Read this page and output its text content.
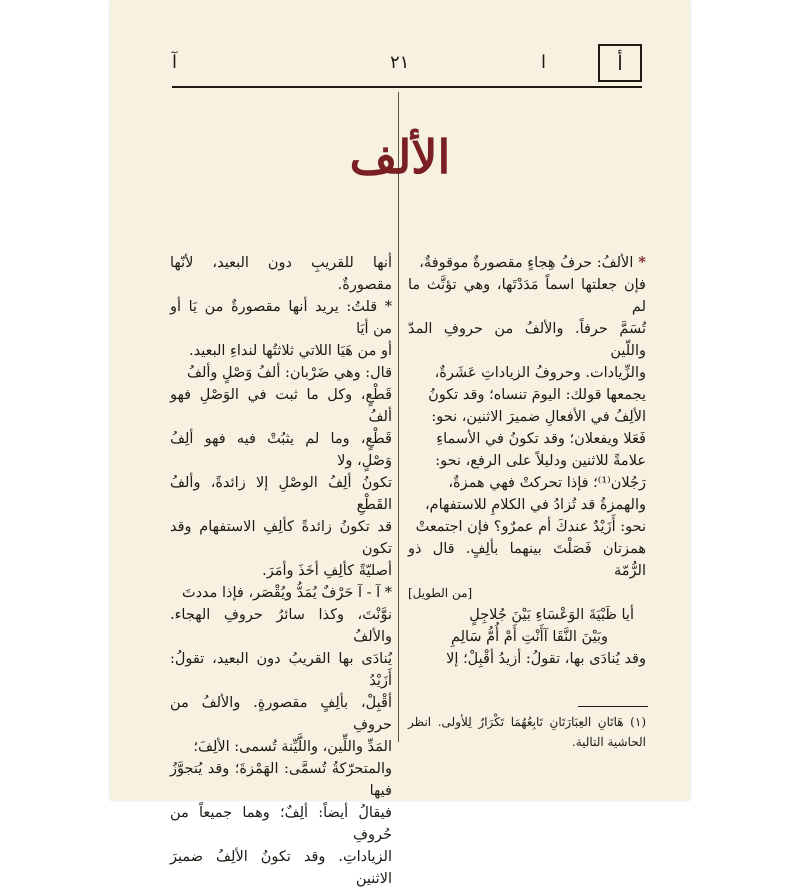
أ
ا
٢١
آ
الألف

* الألفُ: حرفُ هِجاءٍ مقصورةٌ موقوفةٌ،

فإن جعلتها اسماً مَدَدْتَها، وهي تؤنَّث ما لم

تُسَمَّ حرفاً. والألفُ من حروفِ المدّ واللّين

والزِّيادات. وحروفُ الزياداتِ عَشَرةٌ،

يجمعها قولك: اليومَ تنساه؛ وقد تكونُ

الألِفُ في الأفعالِ ضميرَ الاثنين، نحو:

فَعَلا ويفعلان؛ وقد تكونُ في الأسماءِ

علامةً للاثنين ودليلاً على الرفع، نحو:

رَجُلان⁽¹⁾؛ فإذا تحركتْ فهي همزةٌ،

والهمزةُ قد تُزادُ في الكلامِ للاستفهام،

نحو: أَزَيْدٌ عندكَ أم عمرٌو؟ فإن اجتمعتْ

همزتان فَصَلْتَ بينهما بألِفٍ. قال ذو الرُّمّة

[من الطويل]

أيا ظَبْيَةَ الوَعْسَاءِ بَيْنَ جُلاجِلٍ

وبَيْنَ النَّقَا آأَنْتِ أَمْ أُمُّ سَالِمِ

وقد يُنادَى بها، تقولُ: أزيدُ أقْبِلْ؛ إلا

أنها للقريبِ دون البعيد، لأنّها مقصورةٌ.

* قلتُ: يريد أنها مقصورةٌ من يَا أو من أيَا

أو من هَيَا اللاتي ثلاثتُها لنداءِ البعيد.

قال: وهي ضَرْبان: ألفُ وَصْلٍ وألفُ

قَطْعٍ، وكل ما ثبت في الوَصْلِ فهو ألفُ

قَطْعٍ، وما لم يثبُتْ فيه فهو ألِفُ وَصْلٍ، ولا

تكونُ ألِفُ الوصْلِ إلا زائدةً، وألفُ القَطْعِ

قد تكونُ زائدةً كألِفِ الاستفهام وقد تكون

أصليّةً كألِفِ أخَذَ وأمَرَ.

* آ - آ حَرْفٌ يُمَدُّ ويُقْصَر، فإذا مددتَ

نوَّنْتَ، وكذا سائرُ حروفِ الهجاء. والألفُ

يُنادَى بها القريبُ دون البعيد، تقولُ: أَزَيْدُ

أقْبِلْ، بألِفٍ مقصورةٍ. والألفُ من حروفِ

المَدِّ واللِّين، واللَّيِّنة تُسمى: الألِفَ؛

والمتحرّكةُ تُسمَّى: الهَمْزةَ؛ وقد يُتجوَّزُ فيها

فيقالُ أيضاً: ألِفٌ؛ وهما جميعاً من حُروفِ

الزياداتِ. وقد تكونُ الألِفُ ضميرَ الاثنين

(١) هَاتَانِ العِبَارَتَانِ تَابِعُهُمَا تَكْرَارٌ لِلأولى. انظر الحاشية التالية.
